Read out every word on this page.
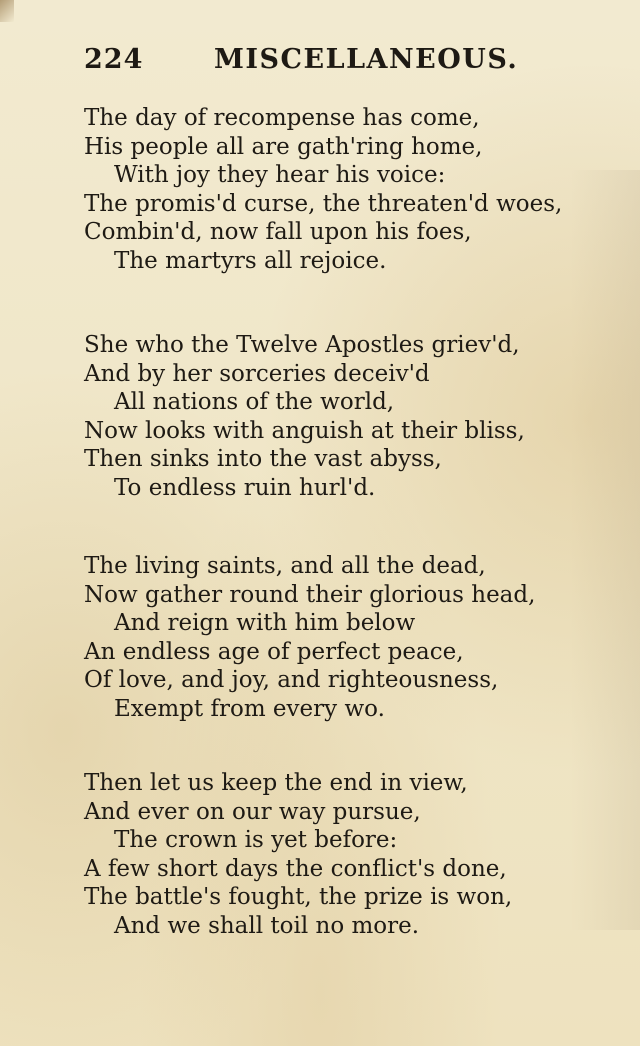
224	MISCELLANEOUS.
The day of recompense has come,
His people all are gath'ring home,
With joy they hear his voice:
The promis'd curse, the threaten'd woes,
Combin'd, now fall upon his foes,
The martyrs all rejoice.
She who the Twelve Apostles griev'd,
And by her sorceries deceiv'd
All nations of the world,
Now looks with anguish at their bliss,
Then sinks into the vast abyss,
To endless ruin hurl'd.
The living saints, and all the dead,
Now gather round their glorious head,
And reign with him below
An endless age of perfect peace,
Of love, and joy, and righteousness,
Exempt from every wo.
Then let us keep the end in view,
And ever on our way pursue,
The crown is yet before:
A few short days the conflict's done,
The battle's fought, the prize is won,
And we shall toil no more.
